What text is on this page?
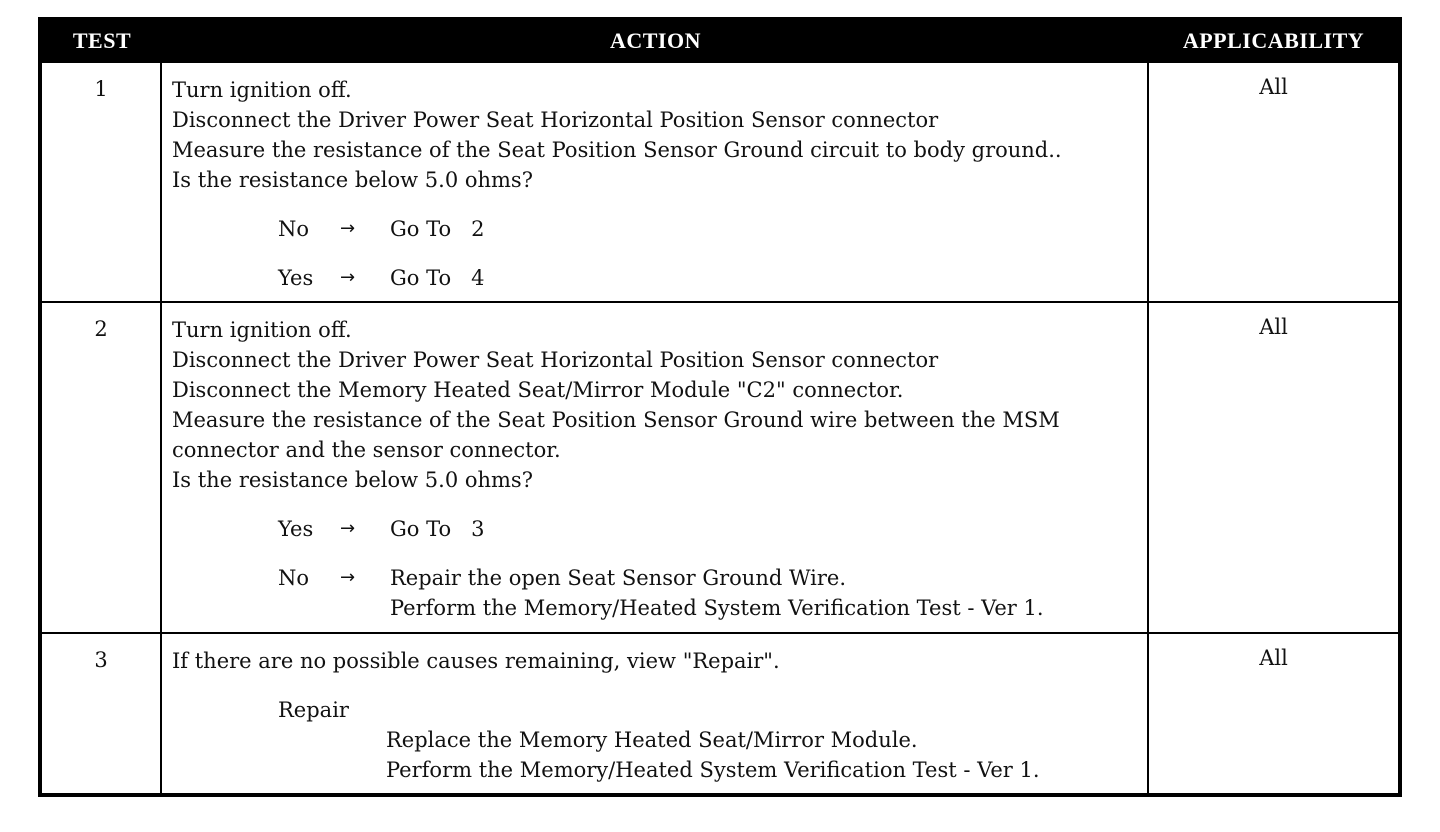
TEST	ACTION	APPLICABILITY
1	Turn ignition off.
Disconnect the Driver Power Seat Horizontal Position Sensor connector
Measure the resistance of the Seat Position Sensor Ground circuit to body ground..
Is the resistance below 5.0 ohms?
No	→	Go To   2
Yes	→	Go To   4
All
2	Turn ignition off.
Disconnect the Driver Power Seat Horizontal Position Sensor connector
Disconnect the Memory Heated Seat/Mirror Module "C2" connector.
Measure the resistance of the Seat Position Sensor Ground wire between the MSM
connector and the sensor connector.
Is the resistance below 5.0 ohms?
Yes	→	Go To   3
No	→	Repair the open Seat Sensor Ground Wire.
Perform the Memory/Heated System Verification Test - Ver 1.
All
3	If there are no possible causes remaining, view "Repair".
Repair
Replace the Memory Heated Seat/Mirror Module.
Perform the Memory/Heated System Verification Test - Ver 1.
All
